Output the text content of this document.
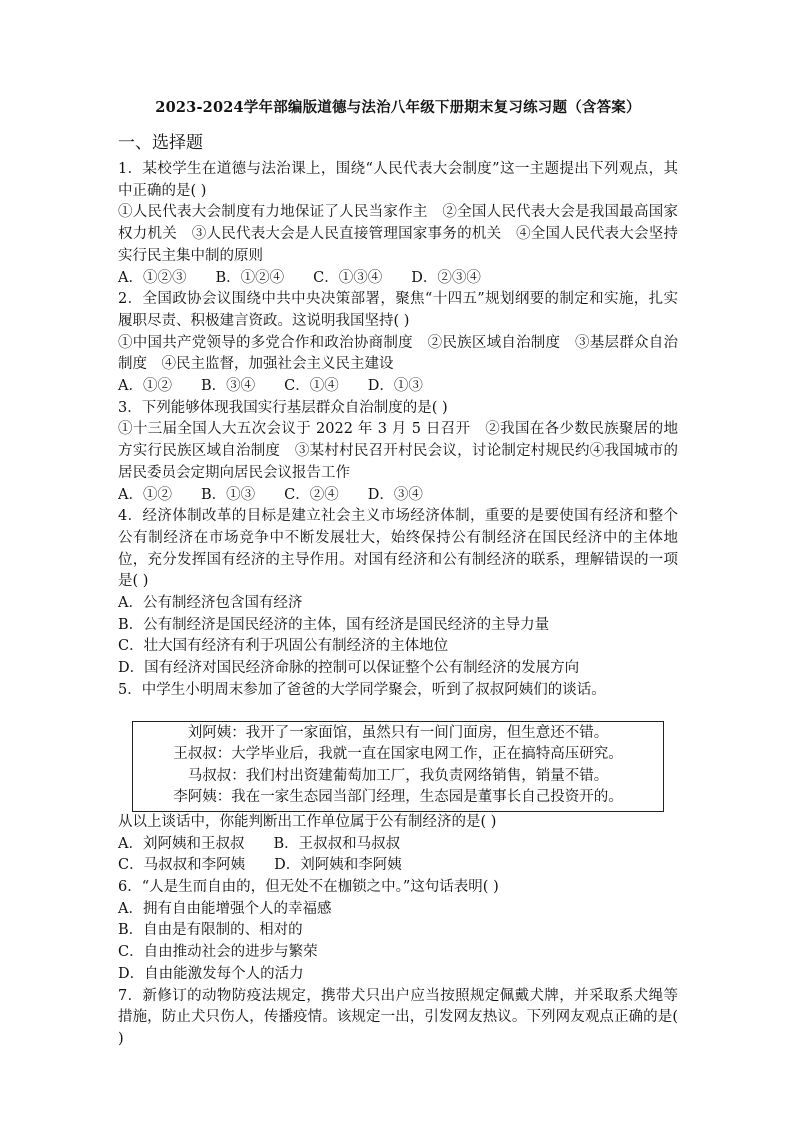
2023-2024学年部编版道德与法治八年级下册期末复习练习题（含答案）
一、选择题

1．某校学生在道德与法治课上，围绕“人民代表大会制度”这一主题提出下列观点，其中正确的是( )

①人民代表大会制度有力地保证了人民当家作主　②全国人民代表大会是我国最高国家权力机关　③人民代表大会是人民直接管理国家事务的机关　④全国人民代表大会坚持实行民主集中制的原则

A．①②③　　B．①②④　　C．①③④　　D．②③④

2．全国政协会议围绕中共中央决策部署，聚焦“十四五”规划纲要的制定和实施，扎实履职尽责、积极建言资政。这说明我国坚持( )

①中国共产党领导的多党合作和政治协商制度　②民族区域自治制度　③基层群众自治制度　④民主监督，加强社会主义民主建设

A．①②　　B．③④　　C．①④　　D．①③

3．下列能够体现我国实行基层群众自治制度的是( )

①十三届全国人大五次会议于 2022 年 3 月 5 日召开　②我国在各少数民族聚居的地方实行民族区域自治制度　③某村村民召开村民会议，讨论制定村规民约④我国城市的居民委员会定期向居民会议报告工作

A．①②　　B．①③　　C．②④　　D．③④

4．经济体制改革的目标是建立社会主义市场经济体制，重要的是要使国有经济和整个公有制经济在市场竞争中不断发展壮大，始终保持公有制经济在国民经济中的主体地位，充分发挥国有经济的主导作用。对国有经济和公有制经济的联系，理解错误的一项是( )

A．公有制经济包含国有经济

B．公有制经济是国民经济的主体，国有经济是国民经济的主导力量

C．壮大国有经济有利于巩固公有制经济的主体地位

D．国有经济对国民经济命脉的控制可以保证整个公有制经济的发展方向

5．中学生小明周末参加了爸爸的大学同学聚会，听到了叔叔阿姨们的谈话。

刘阿姨：我开了一家面馆，虽然只有一间门面房，但生意还不错。

王叔叔：大学毕业后，我就一直在国家电网工作，正在搞特高压研究。

马叔叔：我们村出资建葡萄加工厂，我负责网络销售，销量不错。

李阿姨：我在一家生态园当部门经理，生态园是董事长自己投资开的。

从以上谈话中，你能判断出工作单位属于公有制经济的是( )

A．刘阿姨和王叔叔　　B．王叔叔和马叔叔

C．马叔叔和李阿姨　　D．刘阿姨和李阿姨

6．“人是生而自由的，但无处不在枷锁之中。”这句话表明( )

A．拥有自由能增强个人的幸福感

B．自由是有限制的、相对的

C．自由推动社会的进步与繁荣

D．自由能激发每个人的活力

7．新修订的动物防疫法规定，携带犬只出户应当按照规定佩戴犬牌，并采取系犬绳等措施，防止犬只伤人，传播疫情。该规定一出，引发网友热议。下列网友观点正确的是( )
